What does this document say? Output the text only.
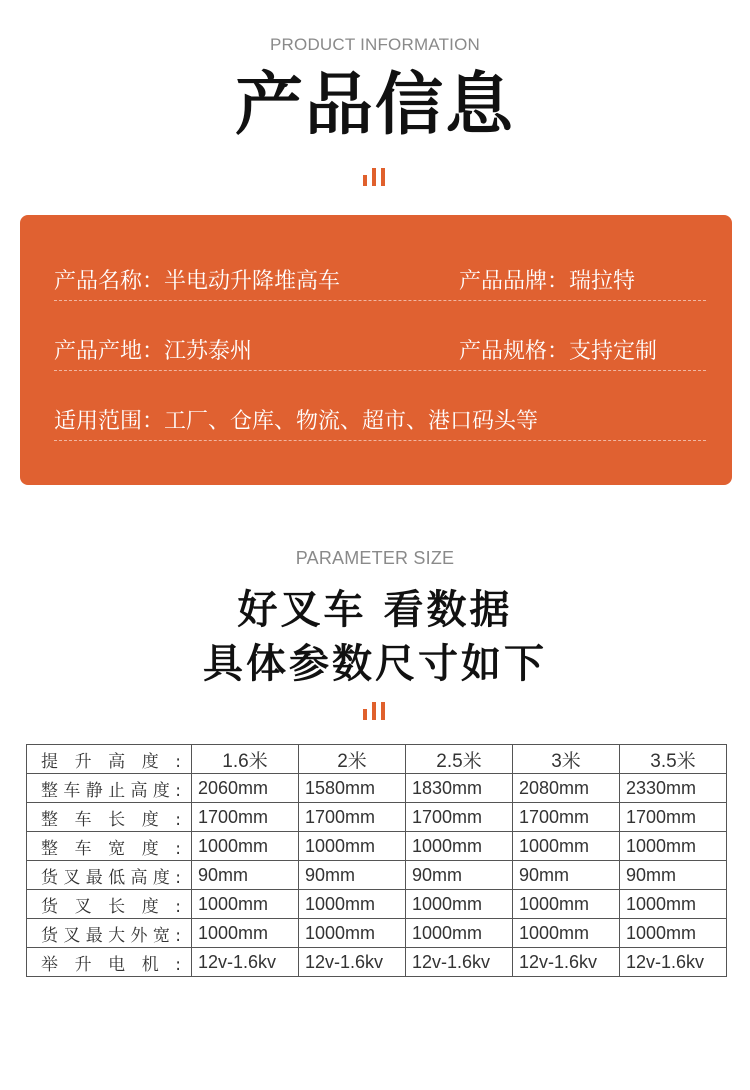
PRODUCT INFORMATION
产品信息
产品名称：半电动升降堆高车	产品品牌：瑞拉特
产品产地：江苏泰州	产品规格：支持定制
适用范围：工厂、仓库、物流、超市、港口码头等
PARAMETER SIZE
好叉车 看数据
具体参数尺寸如下
提升高度:	1.6米	2米	2.5米	3米	3.5米
整车静止高度:	2060mm	1580mm	1830mm	2080mm	2330mm
整车长度:	1700mm	1700mm	1700mm	1700mm	1700mm
整车宽度:	1000mm	1000mm	1000mm	1000mm	1000mm
货叉最低高度:	90mm	90mm	90mm	90mm	90mm
货叉长度:	1000mm	1000mm	1000mm	1000mm	1000mm
货叉最大外宽:	1000mm	1000mm	1000mm	1000mm	1000mm
举升电机:	12v-1.6kv	12v-1.6kv	12v-1.6kv	12v-1.6kv	12v-1.6kv
